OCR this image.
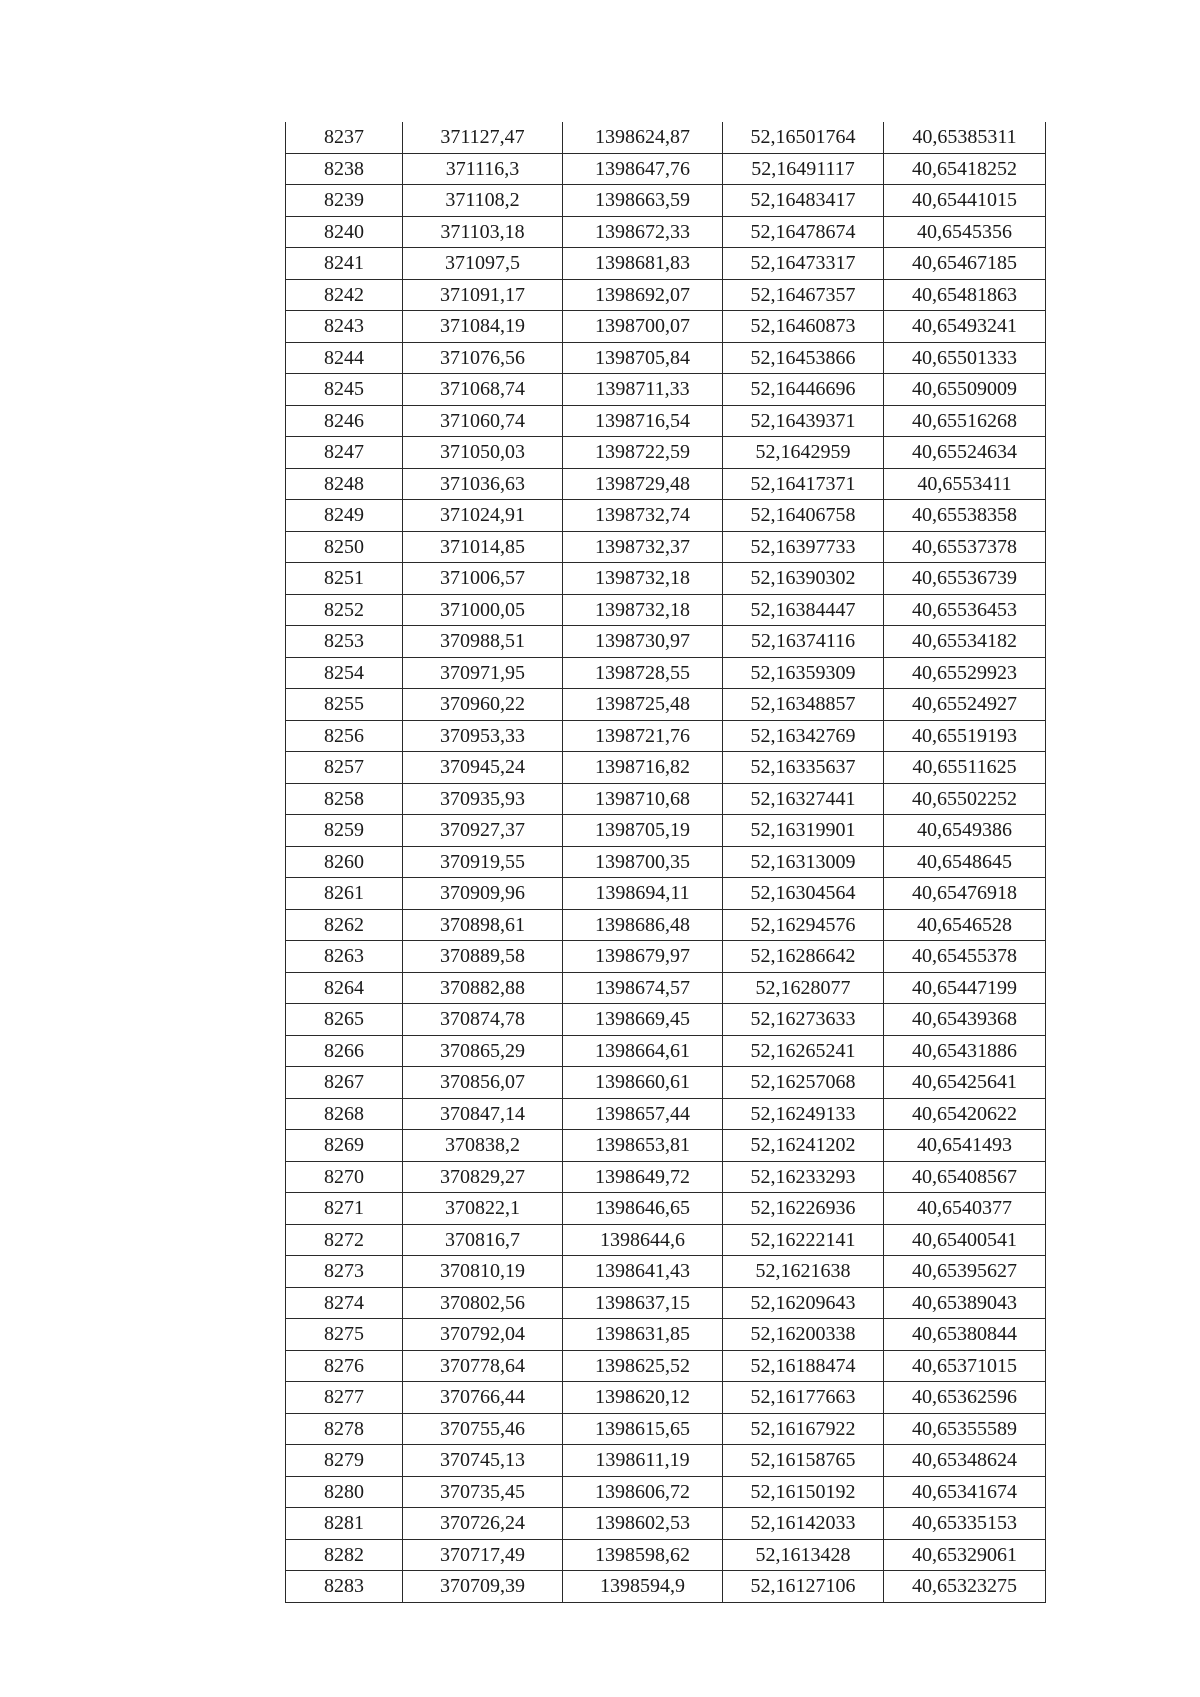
8237	371127,47	1398624,87	52,16501764	40,65385311
8238	371116,3	1398647,76	52,16491117	40,65418252
8239	371108,2	1398663,59	52,16483417	40,65441015
8240	371103,18	1398672,33	52,16478674	40,6545356
8241	371097,5	1398681,83	52,16473317	40,65467185
8242	371091,17	1398692,07	52,16467357	40,65481863
8243	371084,19	1398700,07	52,16460873	40,65493241
8244	371076,56	1398705,84	52,16453866	40,65501333
8245	371068,74	1398711,33	52,16446696	40,65509009
8246	371060,74	1398716,54	52,16439371	40,65516268
8247	371050,03	1398722,59	52,1642959	40,65524634
8248	371036,63	1398729,48	52,16417371	40,6553411
8249	371024,91	1398732,74	52,16406758	40,65538358
8250	371014,85	1398732,37	52,16397733	40,65537378
8251	371006,57	1398732,18	52,16390302	40,65536739
8252	371000,05	1398732,18	52,16384447	40,65536453
8253	370988,51	1398730,97	52,16374116	40,65534182
8254	370971,95	1398728,55	52,16359309	40,65529923
8255	370960,22	1398725,48	52,16348857	40,65524927
8256	370953,33	1398721,76	52,16342769	40,65519193
8257	370945,24	1398716,82	52,16335637	40,65511625
8258	370935,93	1398710,68	52,16327441	40,65502252
8259	370927,37	1398705,19	52,16319901	40,6549386
8260	370919,55	1398700,35	52,16313009	40,6548645
8261	370909,96	1398694,11	52,16304564	40,65476918
8262	370898,61	1398686,48	52,16294576	40,6546528
8263	370889,58	1398679,97	52,16286642	40,65455378
8264	370882,88	1398674,57	52,1628077	40,65447199
8265	370874,78	1398669,45	52,16273633	40,65439368
8266	370865,29	1398664,61	52,16265241	40,65431886
8267	370856,07	1398660,61	52,16257068	40,65425641
8268	370847,14	1398657,44	52,16249133	40,65420622
8269	370838,2	1398653,81	52,16241202	40,6541493
8270	370829,27	1398649,72	52,16233293	40,65408567
8271	370822,1	1398646,65	52,16226936	40,6540377
8272	370816,7	1398644,6	52,16222141	40,65400541
8273	370810,19	1398641,43	52,1621638	40,65395627
8274	370802,56	1398637,15	52,16209643	40,65389043
8275	370792,04	1398631,85	52,16200338	40,65380844
8276	370778,64	1398625,52	52,16188474	40,65371015
8277	370766,44	1398620,12	52,16177663	40,65362596
8278	370755,46	1398615,65	52,16167922	40,65355589
8279	370745,13	1398611,19	52,16158765	40,65348624
8280	370735,45	1398606,72	52,16150192	40,65341674
8281	370726,24	1398602,53	52,16142033	40,65335153
8282	370717,49	1398598,62	52,1613428	40,65329061
8283	370709,39	1398594,9	52,16127106	40,65323275
